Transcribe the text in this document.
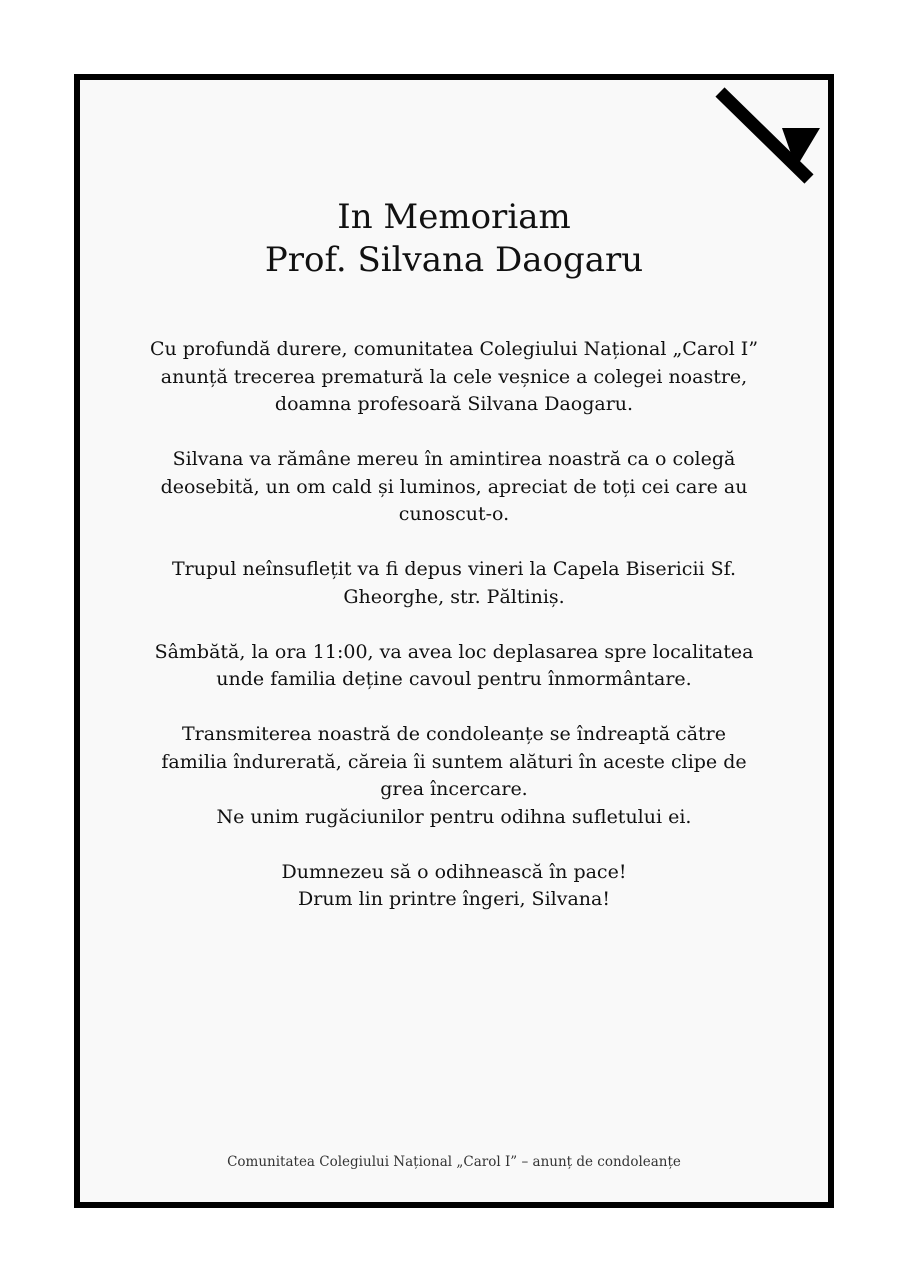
In Memoriam
Prof. Silvana Daogaru

Cu profundă durere, comunitatea Colegiului Național „Carol I”
anunță trecerea prematură la cele veșnice a colegei noastre,
doamna profesoară Silvana Daogaru.

Silvana va rămâne mereu în amintirea noastră ca o colegă
deosebită, un om cald și luminos, apreciat de toți cei care au
cunoscut-o.

Trupul neînsuflețit va fi depus vineri la Capela Bisericii Sf.
Gheorghe, str. Păltiniș.

Sâmbătă, la ora 11:00, va avea loc deplasarea spre localitatea
unde familia deține cavoul pentru înmormântare.

Transmiterea noastră de condoleanțe se îndreaptă către
familia îndurerată, căreia îi suntem alături în aceste clipe de
grea încercare.
Ne unim rugăciunilor pentru odihna sufletului ei.

Dumnezeu să o odihnească în pace!
Drum lin printre îngeri, Silvana!

Comunitatea Colegiului Național „Carol I” – anunț de condoleanțe
